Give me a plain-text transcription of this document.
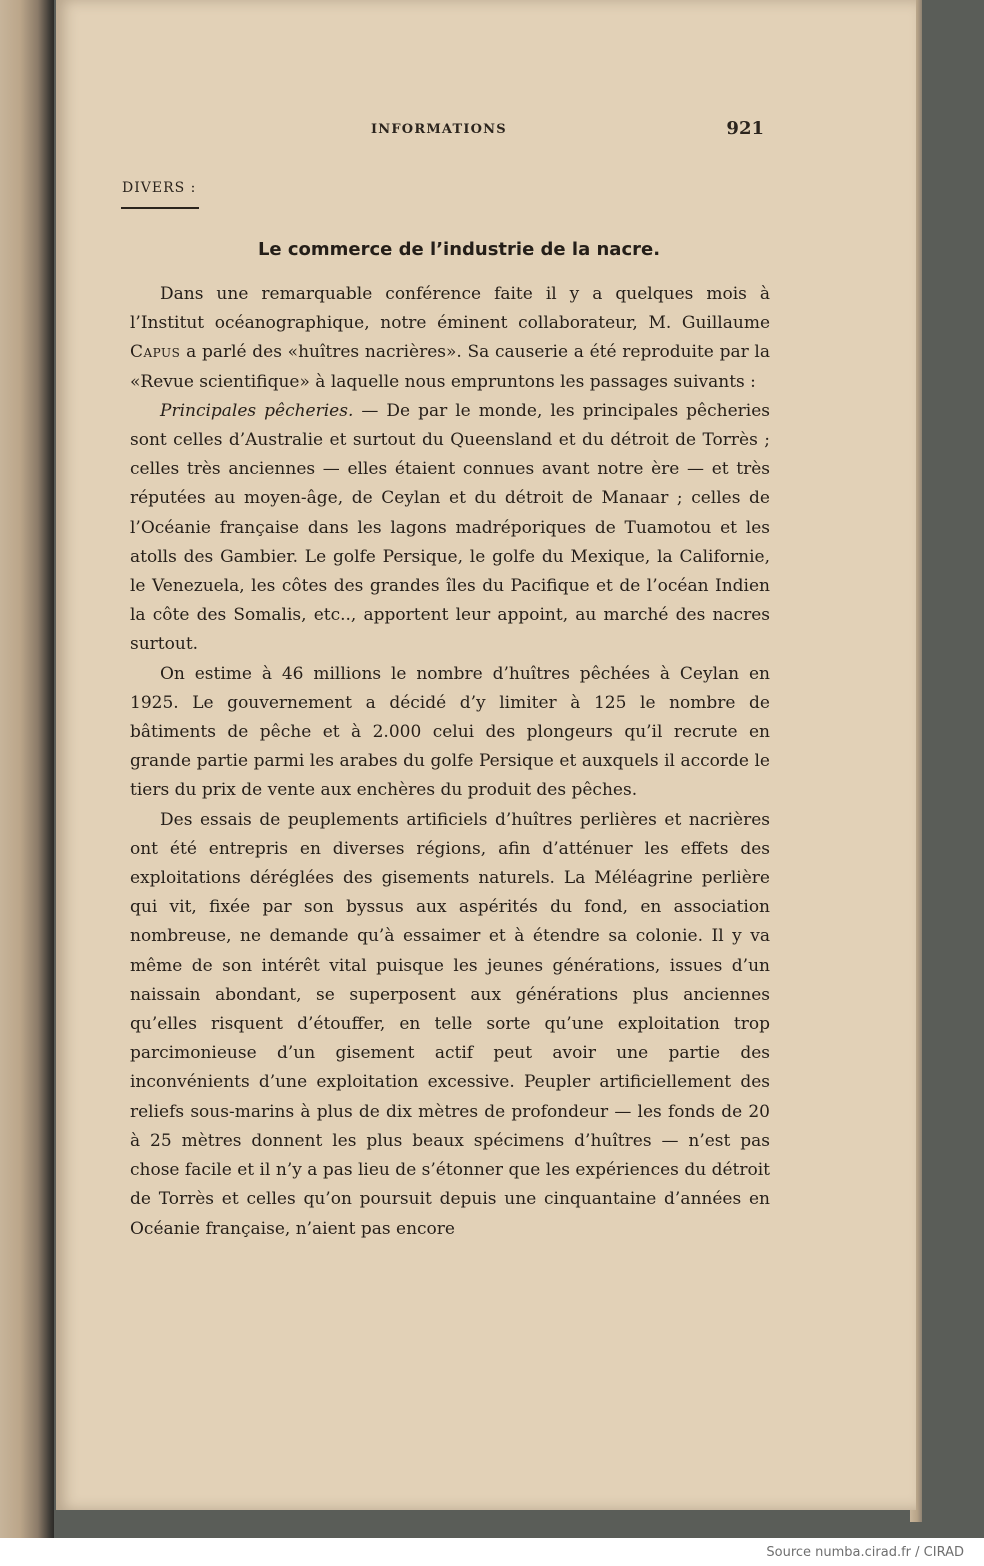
INFORMATIONS	921
DIVERS :
Le commerce de l’industrie de la nacre.

Dans une remarquable conférence faite il y a quelques mois à l’Institut océanographique, notre éminent collaborateur, M. Guillaume Capus a parlé des «huîtres nacrières». Sa causerie a été reproduite par la «Revue scientifique» à laquelle nous empruntons les passages suivants :

Principales pêcheries. — De par le monde, les principales pêcheries sont celles d’Australie et surtout du Queensland et du détroit de Torrès ; celles très anciennes — elles étaient connues avant notre ère — et très réputées au moyen-âge, de Ceylan et du détroit de Manaar ; celles de l’Océanie française dans les lagons madréporiques de Tuamotou et les atolls des Gambier. Le golfe Persique, le golfe du Mexique, la Californie, le Venezuela, les côtes des grandes îles du Pacifique et de l’océan Indien la côte des Somalis, etc.., apportent leur appoint, au marché des nacres surtout.

On estime à 46 millions le nombre d’huîtres pêchées à Ceylan en 1925. Le gouvernement a décidé d’y limiter à 125 le nombre de bâtiments de pêche et à 2.000 celui des plongeurs qu’il recrute en grande partie parmi les arabes du golfe Persique et auxquels il accorde le tiers du prix de vente aux enchères du produit des pêches.

Des essais de peuplements artificiels d’huîtres perlières et nacrières ont été entrepris en diverses régions, afin d’atténuer les effets des exploitations déréglées des gisements naturels. La Méléagrine perlière qui vit, fixée par son byssus aux aspérités du fond, en association nombreuse, ne demande qu’à essaimer et à étendre sa colonie. Il y va même de son intérêt vital puisque les jeunes générations, issues d’un naissain abondant, se superposent aux générations plus anciennes qu’elles risquent d’étouffer, en telle sorte qu’une exploitation trop parcimonieuse d’un gisement actif peut avoir une partie des inconvénients d’une exploitation excessive. Peupler artificiellement des reliefs sous-marins à plus de dix mètres de profondeur — les fonds de 20 à 25 mètres donnent les plus beaux spécimens d’huîtres — n’est pas chose facile et il n’y a pas lieu de s’étonner que les expériences du détroit de Torrès et celles qu’on poursuit depuis une cinquantaine d’années en Océanie française, n’aient pas encore

Source numba.cirad.fr / CIRAD
